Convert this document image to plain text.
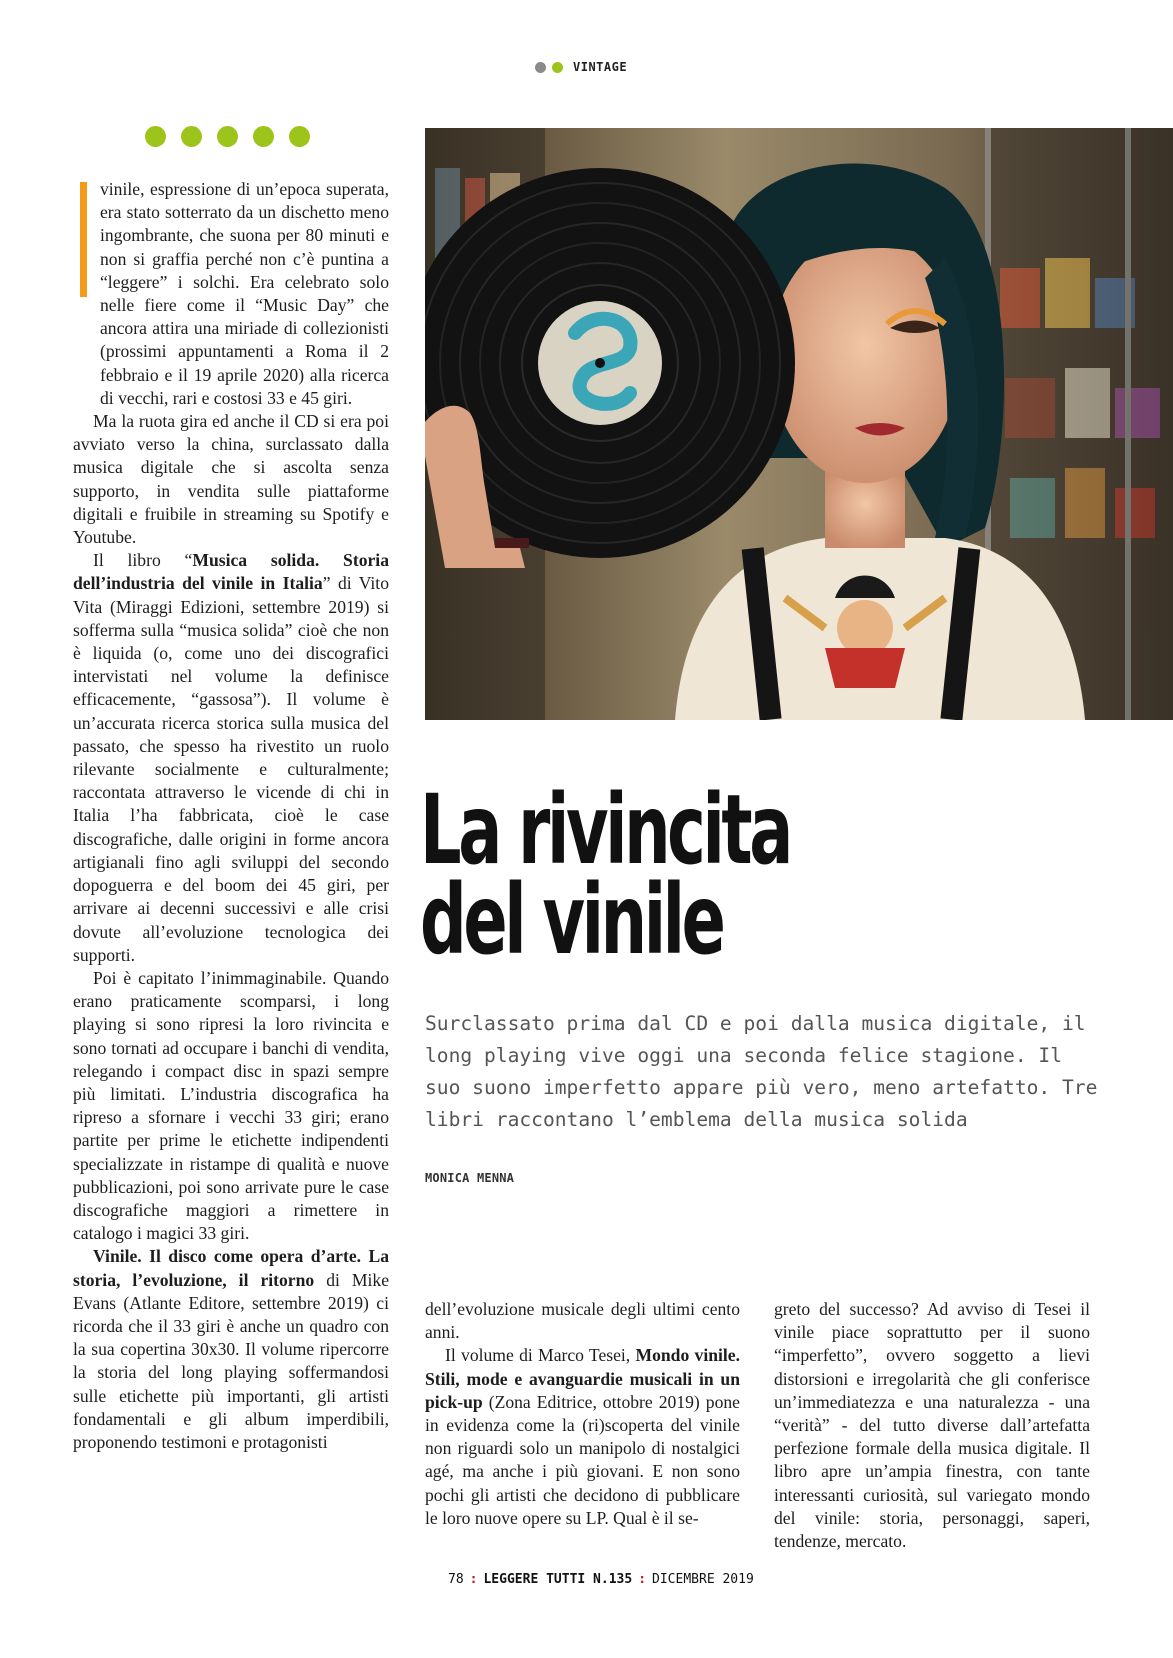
VINTAGE

vinile, espressione di un’epoca superata, era stato sotterrato da un dischetto meno ingombrante, che suona per 80 minuti e non si graffia perché non c’è puntina a “leggere” i solchi. Era celebrato solo nelle fiere come il “Music Day” che ancora attira una miriade di collezionisti (prossimi appuntamenti a Roma il 2 febbraio e il 19 aprile 2020) alla ricerca di vecchi, rari e costosi 33 e 45 giri.

Ma la ruota gira ed anche il CD si era poi avviato verso la china, surclassato dalla musica digitale che si ascolta senza supporto, in vendita sulle piattaforme digitali e fruibile in streaming su Spotify e Youtube.

Il libro “Musica solida. Storia dell’industria del vinile in Italia” di Vito Vita (Miraggi Edizioni, settembre 2019) si sofferma sulla “musica solida” cioè che non è liquida (o, come uno dei discografici intervistati nel volume la definisce efficacemente, “gassosa”). Il volume è un’accurata ricerca storica sulla musica del passato, che spesso ha rivestito un ruolo rilevante socialmente e culturalmente; raccontata attraverso le vicende di chi in Italia l’ha fabbricata, cioè le case discografiche, dalle origini in forme ancora artigianali fino agli sviluppi del secondo dopoguerra e del boom dei 45 giri, per arrivare ai decenni successivi e alle crisi dovute all’evoluzione tecnologica dei supporti.

Poi è capitato l’inimmaginabile. Quando erano praticamente scomparsi, i long playing si sono ripresi la loro rivincita e sono tornati ad occupare i banchi di vendita, relegando i compact disc in spazi sempre più limitati. L’industria discografica ha ripreso a sfornare i vecchi 33 giri; erano partite per prime le etichette indipendenti specializzate in ristampe di qualità e nuove pubblicazioni, poi sono arrivate pure le case discografiche maggiori a rimettere in catalogo i magici 33 giri.

Vinile. Il disco come opera d’arte. La storia, l’evoluzione, il ritorno di Mike Evans (Atlante Editore, settembre 2019) ci ricorda che il 33 giri è anche un quadro con la sua copertina 30x30. Il volume ripercorre la storia del long playing soffermandosi sulle etichette più importanti, gli artisti fondamentali e gli album imperdibili, proponendo testimoni e protagonisti

La rivincita
del vinile
Surclassato prima dal CD e poi dalla musica digitale, il long playing vive oggi una seconda felice stagione. Il suo suono imperfetto appare più vero, meno artefatto. Tre libri raccontano l’emblema della musica solida
MONICA MENNA

dell’evoluzione musicale degli ultimi cento anni.

Il volume di Marco Tesei, Mondo vinile. Stili, mode e avanguardie musicali in un pick-up (Zona Editrice, ottobre 2019) pone in evidenza come la (ri)scoperta del vinile non riguardi solo un manipolo di nostalgici agé, ma anche i più giovani. E non sono pochi gli artisti che decidono di pubblicare le loro nuove opere su LP. Qual è il se-

greto del successo? Ad avviso di Tesei il vinile piace soprattutto per il suono “imperfetto”, ovvero soggetto a lievi distorsioni e irregolarità che gli conferisce un’immediatezza e una naturalezza - una “verità” - del tutto diverse dall’artefatta perfezione formale della musica digitale. Il libro apre un’ampia finestra, con tante interessanti curiosità, sul variegato mondo del vinile: storia, personaggi, saperi, tendenze, mercato.

78 : LEGGERE TUTTI N.135 : DICEMBRE 2019
